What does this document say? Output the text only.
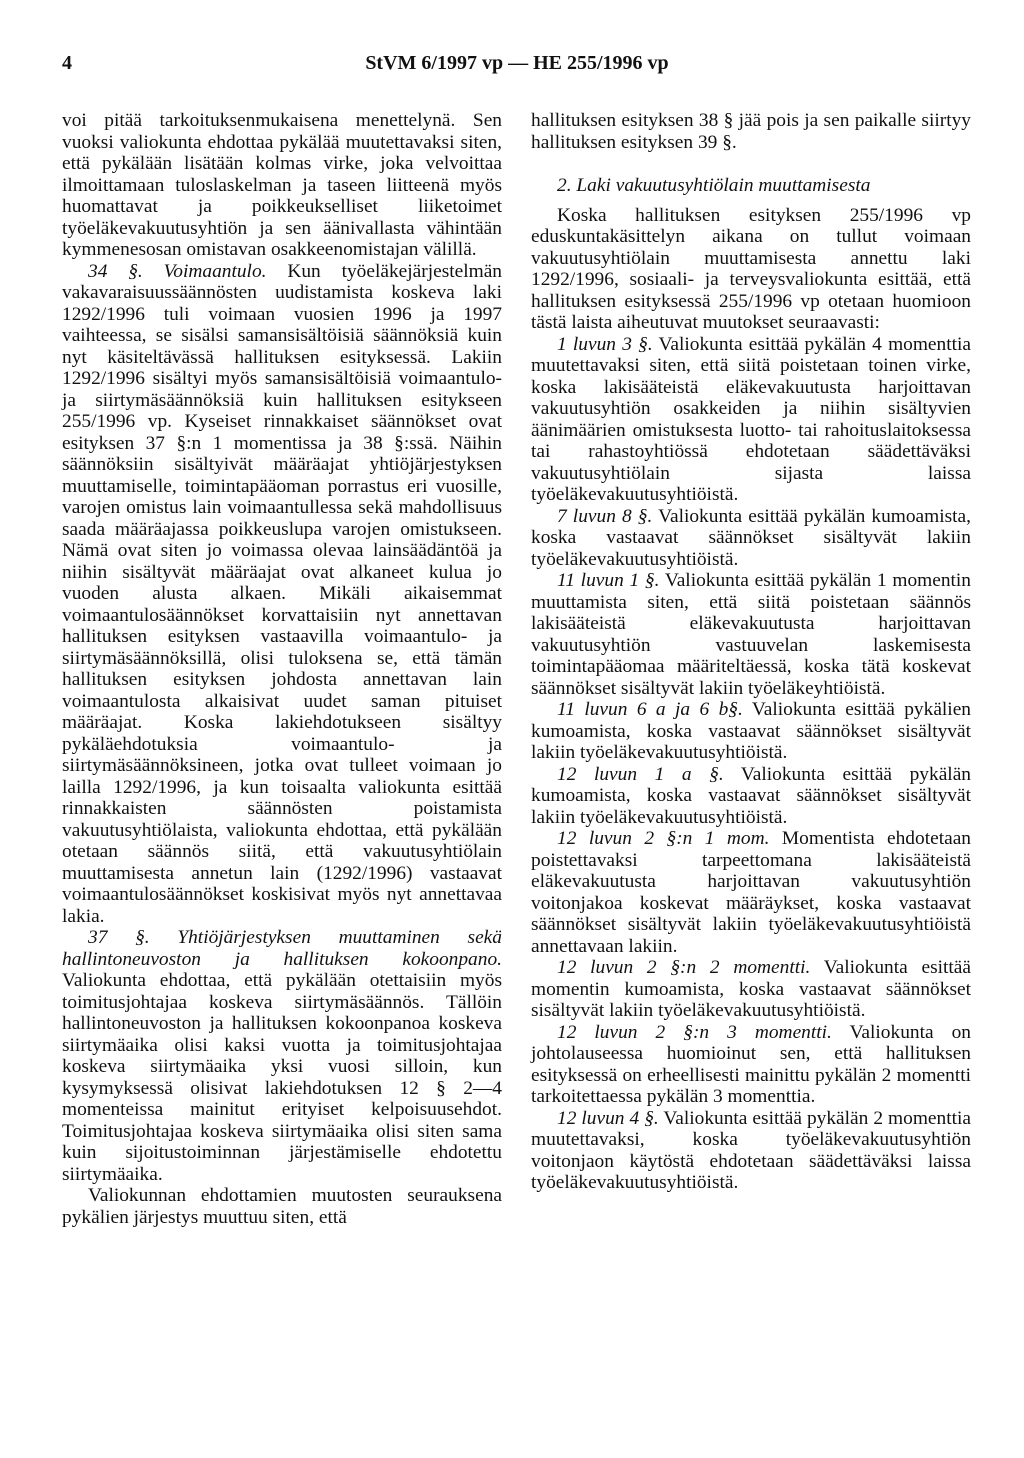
4	StVM 6/1997 vp — HE 255/1996 vp

voi pitää tarkoituksenmukaisena menettelynä. Sen vuoksi valiokunta ehdottaa pykälää muutettavaksi siten, että pykälään lisätään kolmas virke, joka velvoittaa ilmoittamaan tuloslaskelman ja taseen liitteenä myös huomattavat ja poikkeukselliset liiketoimet työeläkevakuutusyhtiön ja sen äänivallasta vähintään kymmenesosan omistavan osakkeenomistajan välillä.

34 §. Voimaantulo. Kun työeläkejärjestelmän vakavaraisuussäännösten uudistamista koskeva laki 1292/1996 tuli voimaan vuosien 1996 ja 1997 vaihteessa, se sisälsi samansisältöisiä säännöksiä kuin nyt käsiteltävässä hallituksen esityksessä. Lakiin 1292/1996 sisältyi myös samansisältöisiä voimaantulo- ja siirtymäsäännöksiä kuin hallituksen esitykseen 255/1996 vp. Kyseiset rinnakkaiset säännökset ovat esityksen 37 §:n 1 momentissa ja 38 §:ssä. Näihin säännöksiin sisältyivät määräajat yhtiöjärjestyksen muuttamiselle, toimintapääoman porrastus eri vuosille, varojen omistus lain voimaantullessa sekä mahdollisuus saada määräajassa poikkeuslupa varojen omistukseen. Nämä ovat siten jo voimassa olevaa lainsäädäntöä ja niihin sisältyvät määräajat ovat alkaneet kulua jo vuoden alusta alkaen. Mikäli aikaisemmat voimaantulosäännökset korvattaisiin nyt annettavan hallituksen esityksen vastaavilla voimaantulo- ja siirtymäsäännöksillä, olisi tuloksena se, että tämän hallituksen esityksen johdosta annettavan lain voimaantulosta alkaisivat uudet saman pituiset määräajat. Koska lakiehdotukseen sisältyy pykäläehdotuksia voimaantulo- ja siirtymäsäännöksineen, jotka ovat tulleet voimaan jo lailla 1292/1996, ja kun toisaalta valiokunta esittää rinnakkaisten säännösten poistamista vakuutusyhtiölaista, valiokunta ehdottaa, että pykälään otetaan säännös siitä, että vakuutusyhtiölain muuttamisesta annetun lain (1292/1996) vastaavat voimaantulosäännökset koskisivat myös nyt annettavaa lakia.

37 §. Yhtiöjärjestyksen muuttaminen sekä hallintoneuvoston ja hallituksen kokoonpano. Valiokunta ehdottaa, että pykälään otettaisiin myös toimitusjohtajaa koskeva siirtymäsäännös. Tällöin hallintoneuvoston ja hallituksen kokoonpanoa koskeva siirtymäaika olisi kaksi vuotta ja toimitusjohtajaa koskeva siirtymäaika yksi vuosi silloin, kun kysymyksessä olisivat lakiehdotuksen 12 § 2—4 momenteissa mainitut erityiset kelpoisuusehdot. Toimitusjohtajaa koskeva siirtymäaika olisi siten sama kuin sijoitustoiminnan järjestämiselle ehdotettu siirtymäaika.

Valiokunnan ehdottamien muutosten seurauksena pykälien järjestys muuttuu siten, että

hallituksen esityksen 38 § jää pois ja sen paikalle siirtyy hallituksen esityksen 39 §.

2. Laki vakuutusyhtiölain muuttamisesta

Koska hallituksen esityksen 255/1996 vp eduskuntakäsittelyn aikana on tullut voimaan vakuutusyhtiölain muuttamisesta annettu laki 1292/1996, sosiaali- ja terveysvaliokunta esittää, että hallituksen esityksessä 255/1996 vp otetaan huomioon tästä laista aiheutuvat muutokset seuraavasti:

1 luvun 3 §. Valiokunta esittää pykälän 4 momenttia muutettavaksi siten, että siitä poistetaan toinen virke, koska lakisääteistä eläkevakuutusta harjoittavan vakuutusyhtiön osakkeiden ja niihin sisältyvien äänimäärien omistuksesta luotto- tai rahoituslaitoksessa tai rahastoyhtiössä ehdotetaan säädettäväksi vakuutusyhtiölain sijasta laissa työeläkevakuutusyhtiöistä.

7 luvun 8 §. Valiokunta esittää pykälän kumoamista, koska vastaavat säännökset sisältyvät lakiin työeläkevakuutusyhtiöistä.

11 luvun 1 §. Valiokunta esittää pykälän 1 momentin muuttamista siten, että siitä poistetaan säännös lakisääteistä eläkevakuutusta harjoittavan vakuutusyhtiön vastuuvelan laskemisesta toimintapääomaa määriteltäessä, koska tätä koskevat säännökset sisältyvät lakiin työeläkeyhtiöistä.

11 luvun 6 a ja 6 b§. Valiokunta esittää pykälien kumoamista, koska vastaavat säännökset sisältyvät lakiin työeläkevakuutusyhtiöistä.

12 luvun 1 a §. Valiokunta esittää pykälän kumoamista, koska vastaavat säännökset sisältyvät lakiin työeläkevakuutusyhtiöistä.

12 luvun 2 §:n 1 mom. Momentista ehdotetaan poistettavaksi tarpeettomana lakisääteistä eläkevakuutusta harjoittavan vakuutusyhtiön voitonjakoa koskevat määräykset, koska vastaavat säännökset sisältyvät lakiin työeläkevakuutusyhtiöistä annettavaan lakiin.

12 luvun 2 §:n 2 momentti. Valiokunta esittää momentin kumoamista, koska vastaavat säännökset sisältyvät lakiin työeläkevakuutusyhtiöistä.

12 luvun 2 §:n 3 momentti. Valiokunta on johtolauseessa huomioinut sen, että hallituksen esityksessä on erheellisesti mainittu pykälän 2 momentti tarkoitettaessa pykälän 3 momenttia.

12 luvun 4 §. Valiokunta esittää pykälän 2 momenttia muutettavaksi, koska työeläkevakuutusyhtiön voitonjaon käytöstä ehdotetaan säädettäväksi laissa työeläkevakuutusyhtiöistä.
